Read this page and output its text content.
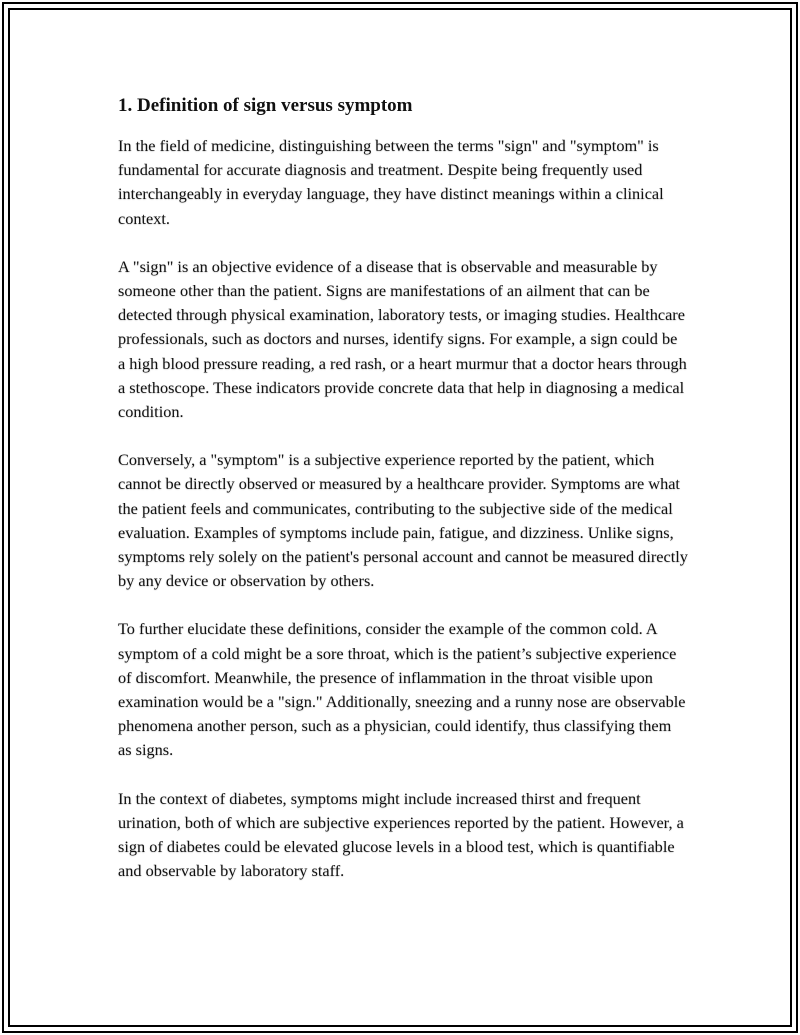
1. Definition of sign versus symptom

In the field of medicine, distinguishing between the terms "sign" and "symptom" is fundamental for accurate diagnosis and treatment. Despite being frequently used interchangeably in everyday language, they have distinct meanings within a clinical context.

A "sign" is an objective evidence of a disease that is observable and measurable by someone other than the patient. Signs are manifestations of an ailment that can be detected through physical examination, laboratory tests, or imaging studies. Healthcare professionals, such as doctors and nurses, identify signs. For example, a sign could be a high blood pressure reading, a red rash, or a heart murmur that a doctor hears through a stethoscope. These indicators provide concrete data that help in diagnosing a medical condition.

Conversely, a "symptom" is a subjective experience reported by the patient, which cannot be directly observed or measured by a healthcare provider. Symptoms are what the patient feels and communicates, contributing to the subjective side of the medical evaluation. Examples of symptoms include pain, fatigue, and dizziness. Unlike signs, symptoms rely solely on the patient's personal account and cannot be measured directly by any device or observation by others.

To further elucidate these definitions, consider the example of the common cold. A symptom of a cold might be a sore throat, which is the patient’s subjective experience of discomfort. Meanwhile, the presence of inflammation in the throat visible upon examination would be a "sign." Additionally, sneezing and a runny nose are observable phenomena another person, such as a physician, could identify, thus classifying them as signs.

In the context of diabetes, symptoms might include increased thirst and frequent urination, both of which are subjective experiences reported by the patient. However, a sign of diabetes could be elevated glucose levels in a blood test, which is quantifiable and observable by laboratory staff.
